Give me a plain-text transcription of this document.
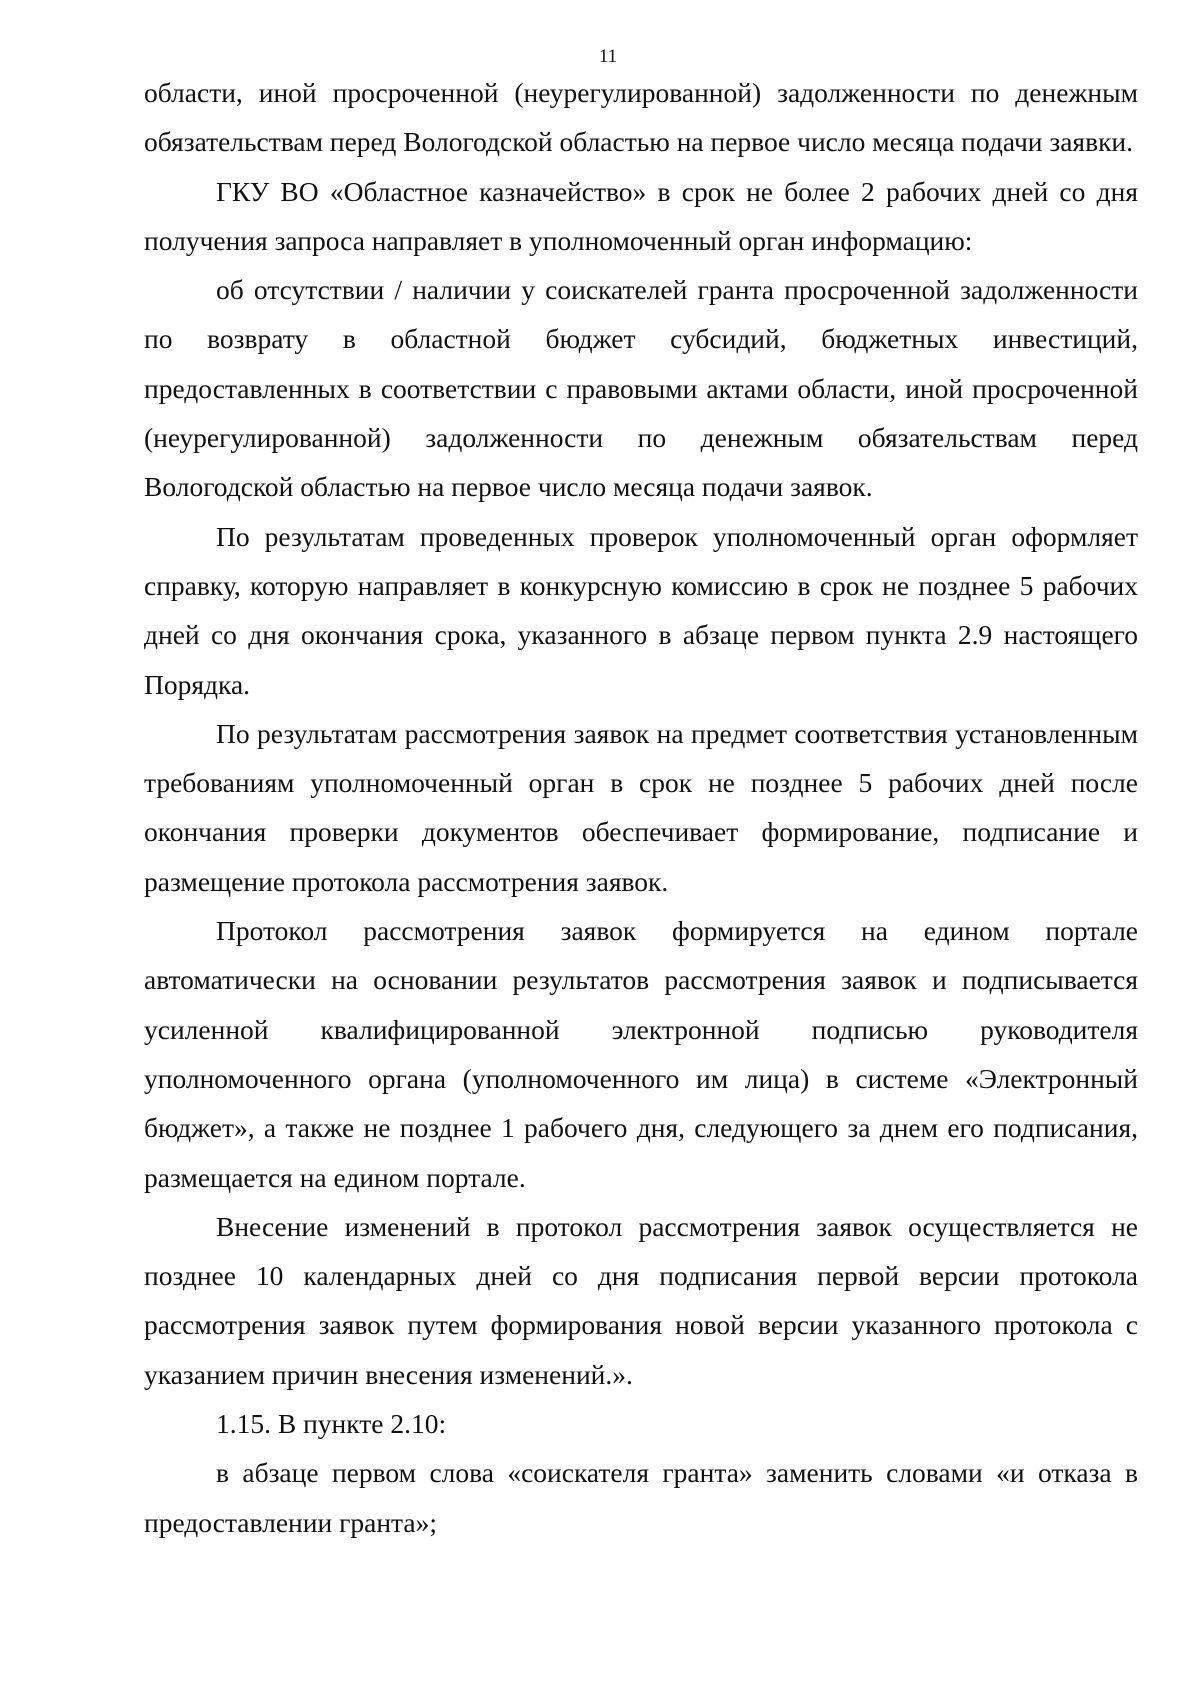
11

области, иной просроченной (неурегулированной) задолженности по денежным обязательствам перед Вологодской областью на первое число месяца подачи заявки.

ГКУ ВО «Областное казначейство» в срок не более 2 рабочих дней со дня получения запроса направляет в уполномоченный орган информацию:

об отсутствии / наличии у соискателей гранта просроченной задолженности по возврату в областной бюджет субсидий, бюджетных инвестиций, предоставленных в соответствии с правовыми актами области, иной просроченной (неурегулированной) задолженности по денежным обязательствам перед Вологодской областью на первое число месяца подачи заявок.

По результатам проведенных проверок уполномоченный орган оформляет справку, которую направляет в конкурсную комиссию в срок не позднее 5 рабочих дней со дня окончания срока, указанного в абзаце первом пункта 2.9 настоящего Порядка.

По результатам рассмотрения заявок на предмет соответствия установленным требованиям уполномоченный орган в срок не позднее 5 рабочих дней после окончания проверки документов обеспечивает формирование, подписание и размещение протокола рассмотрения заявок.

Протокол рассмотрения заявок формируется на едином портале автоматически на основании результатов рассмотрения заявок и подписывается усиленной квалифицированной электронной подписью руководителя уполномоченного органа (уполномоченного им лица) в системе «Электронный бюджет», а также не позднее 1 рабочего дня, следующего за днем его подписания, размещается на едином портале.

Внесение изменений в протокол рассмотрения заявок осуществляется не позднее 10 календарных дней со дня подписания первой версии протокола рассмотрения заявок путем формирования новой версии указанного протокола с указанием причин внесения изменений.».

1.15. В пункте 2.10:

в абзаце первом слова «соискателя гранта» заменить словами «и отказа в предоставлении гранта»;
